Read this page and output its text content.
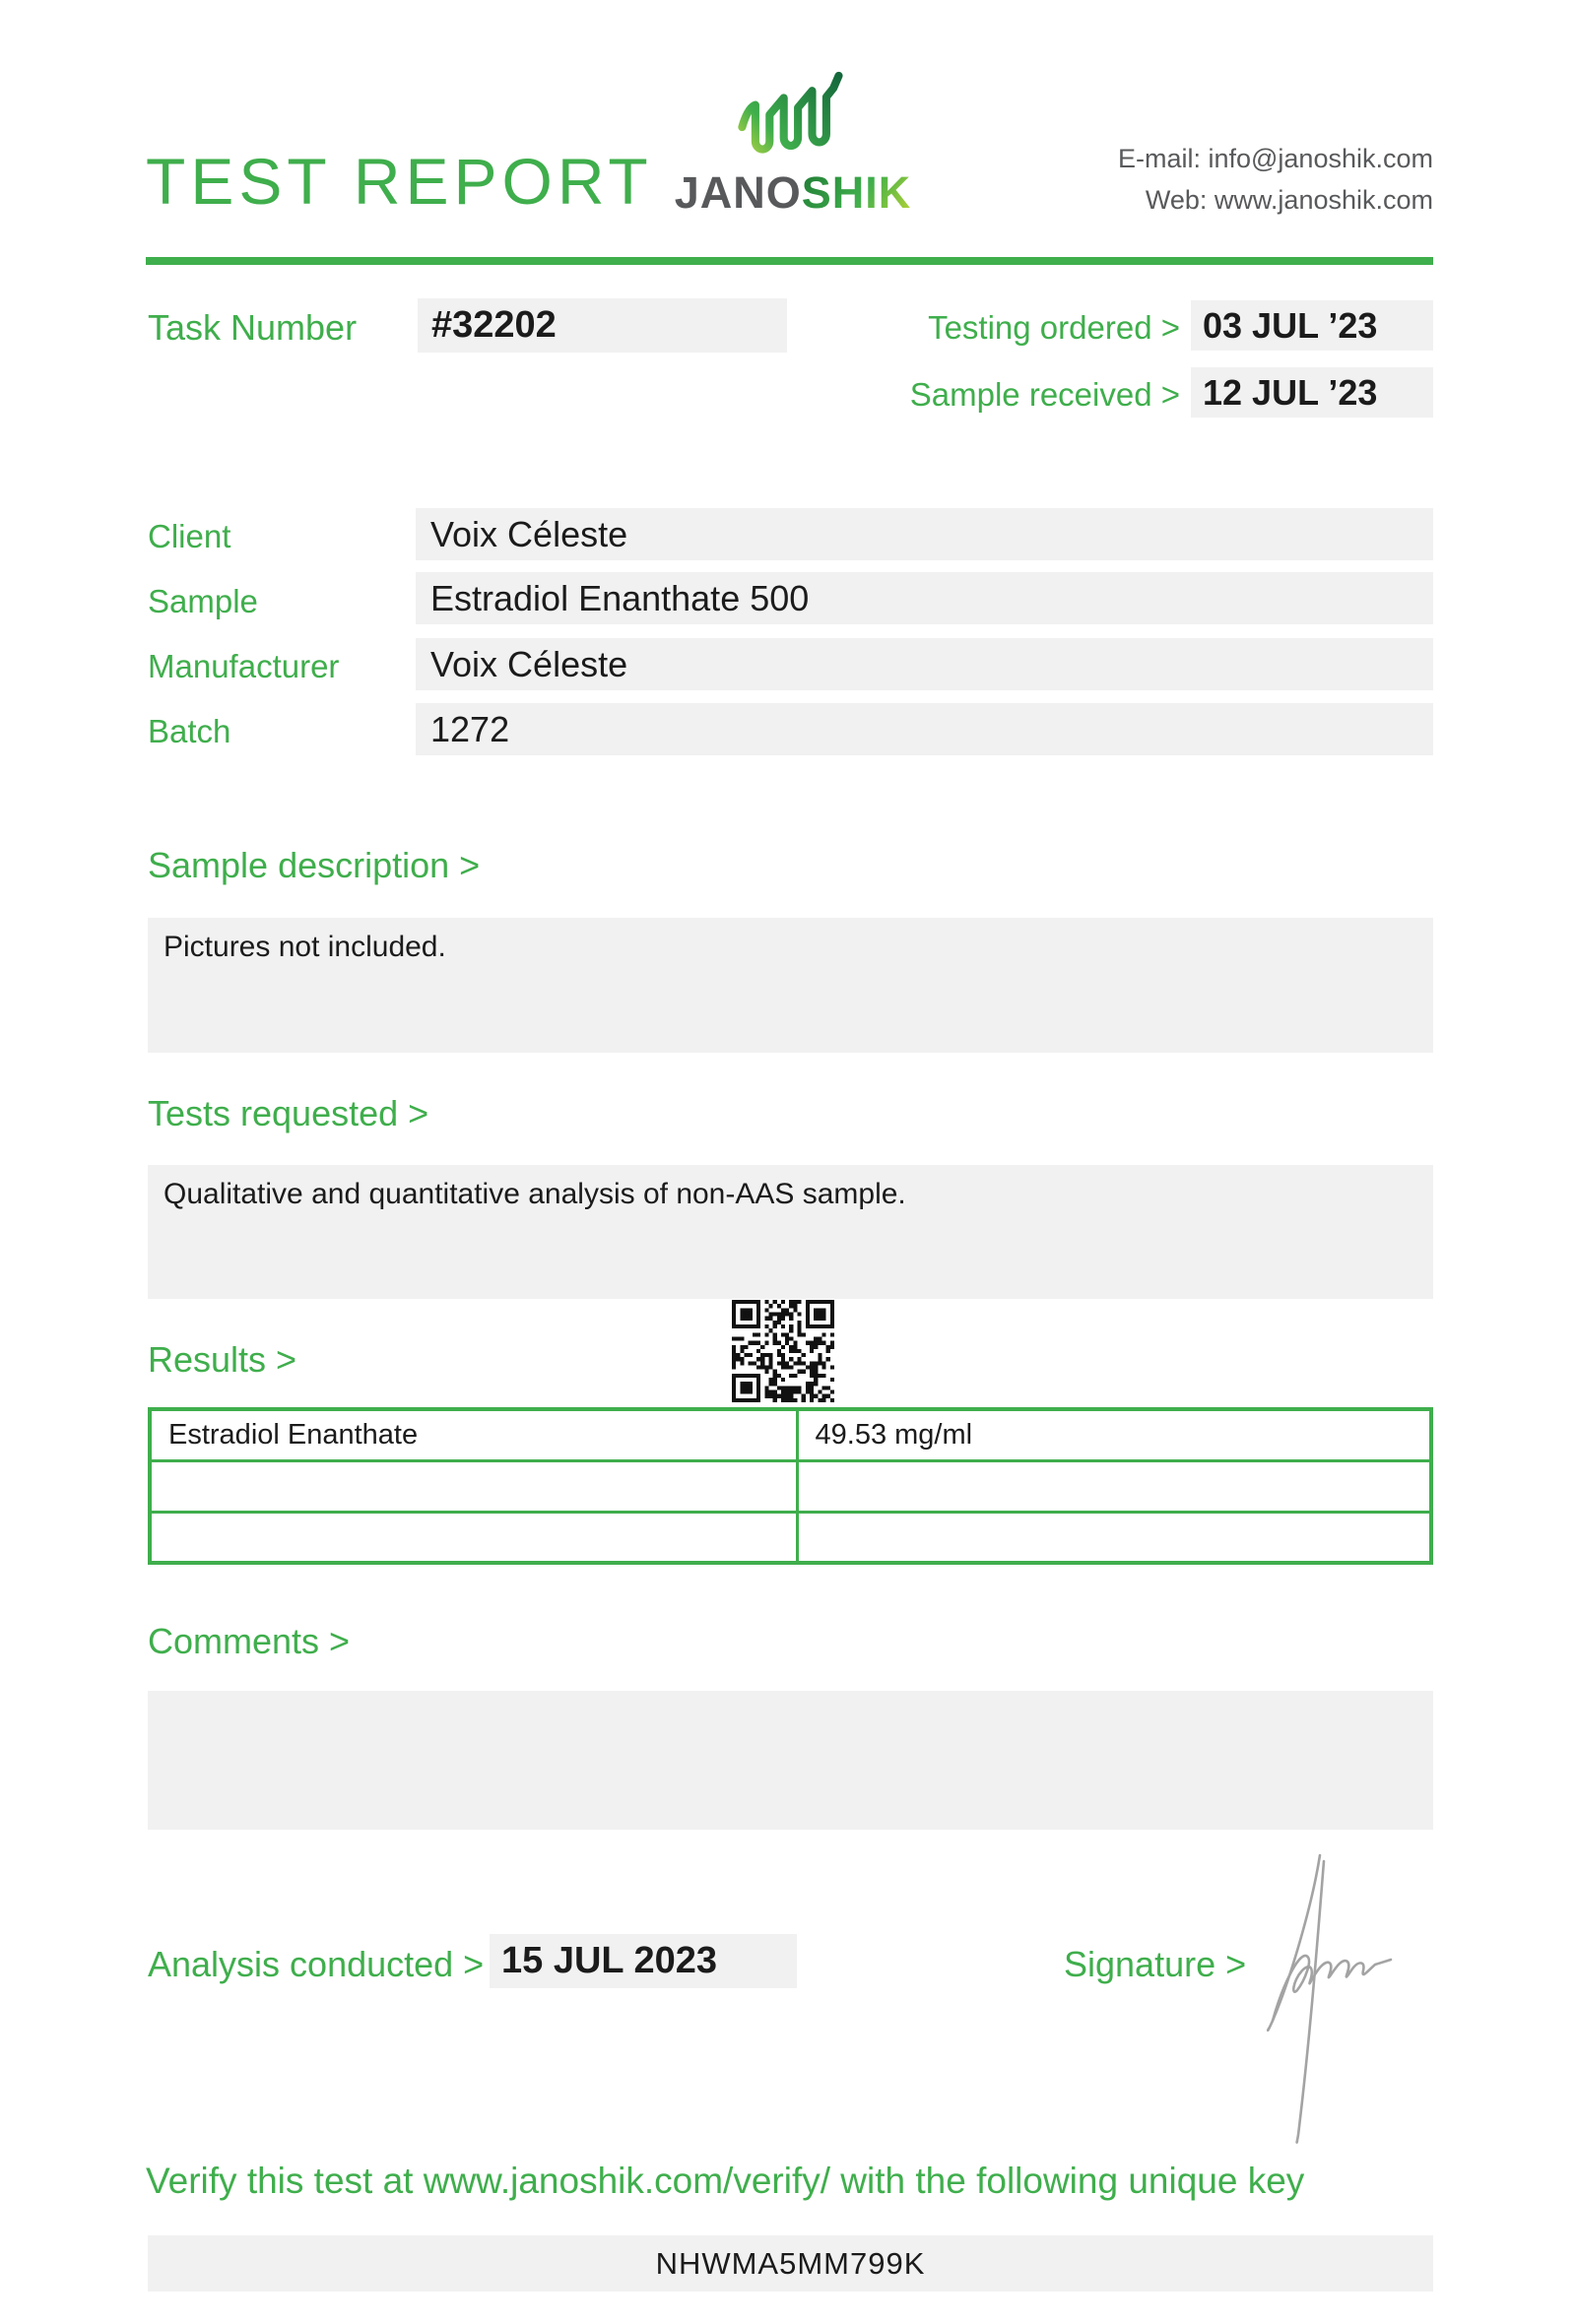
TEST REPORT JANOSHIK
E-mail: info@janoshik.com
Web: www.janoshik.com
Task Number	#32202	Testing ordered > 03 JUL ’23
Sample received > 12 JUL ’23
Client	Voix Céleste
Sample	Estradiol Enanthate 500
Manufacturer	Voix Céleste
Batch	1272
Sample description >
Pictures not included.
Tests requested >
Qualitative and quantitative analysis of non-AAS sample.
Results >
Estradiol Enanthate	49.53 mg/ml

Comments >
Analysis conducted > 15 JUL 2023	Signature >
Verify this test at www.janoshik.com/verify/ with the following unique key
NHWMA5MM799K
